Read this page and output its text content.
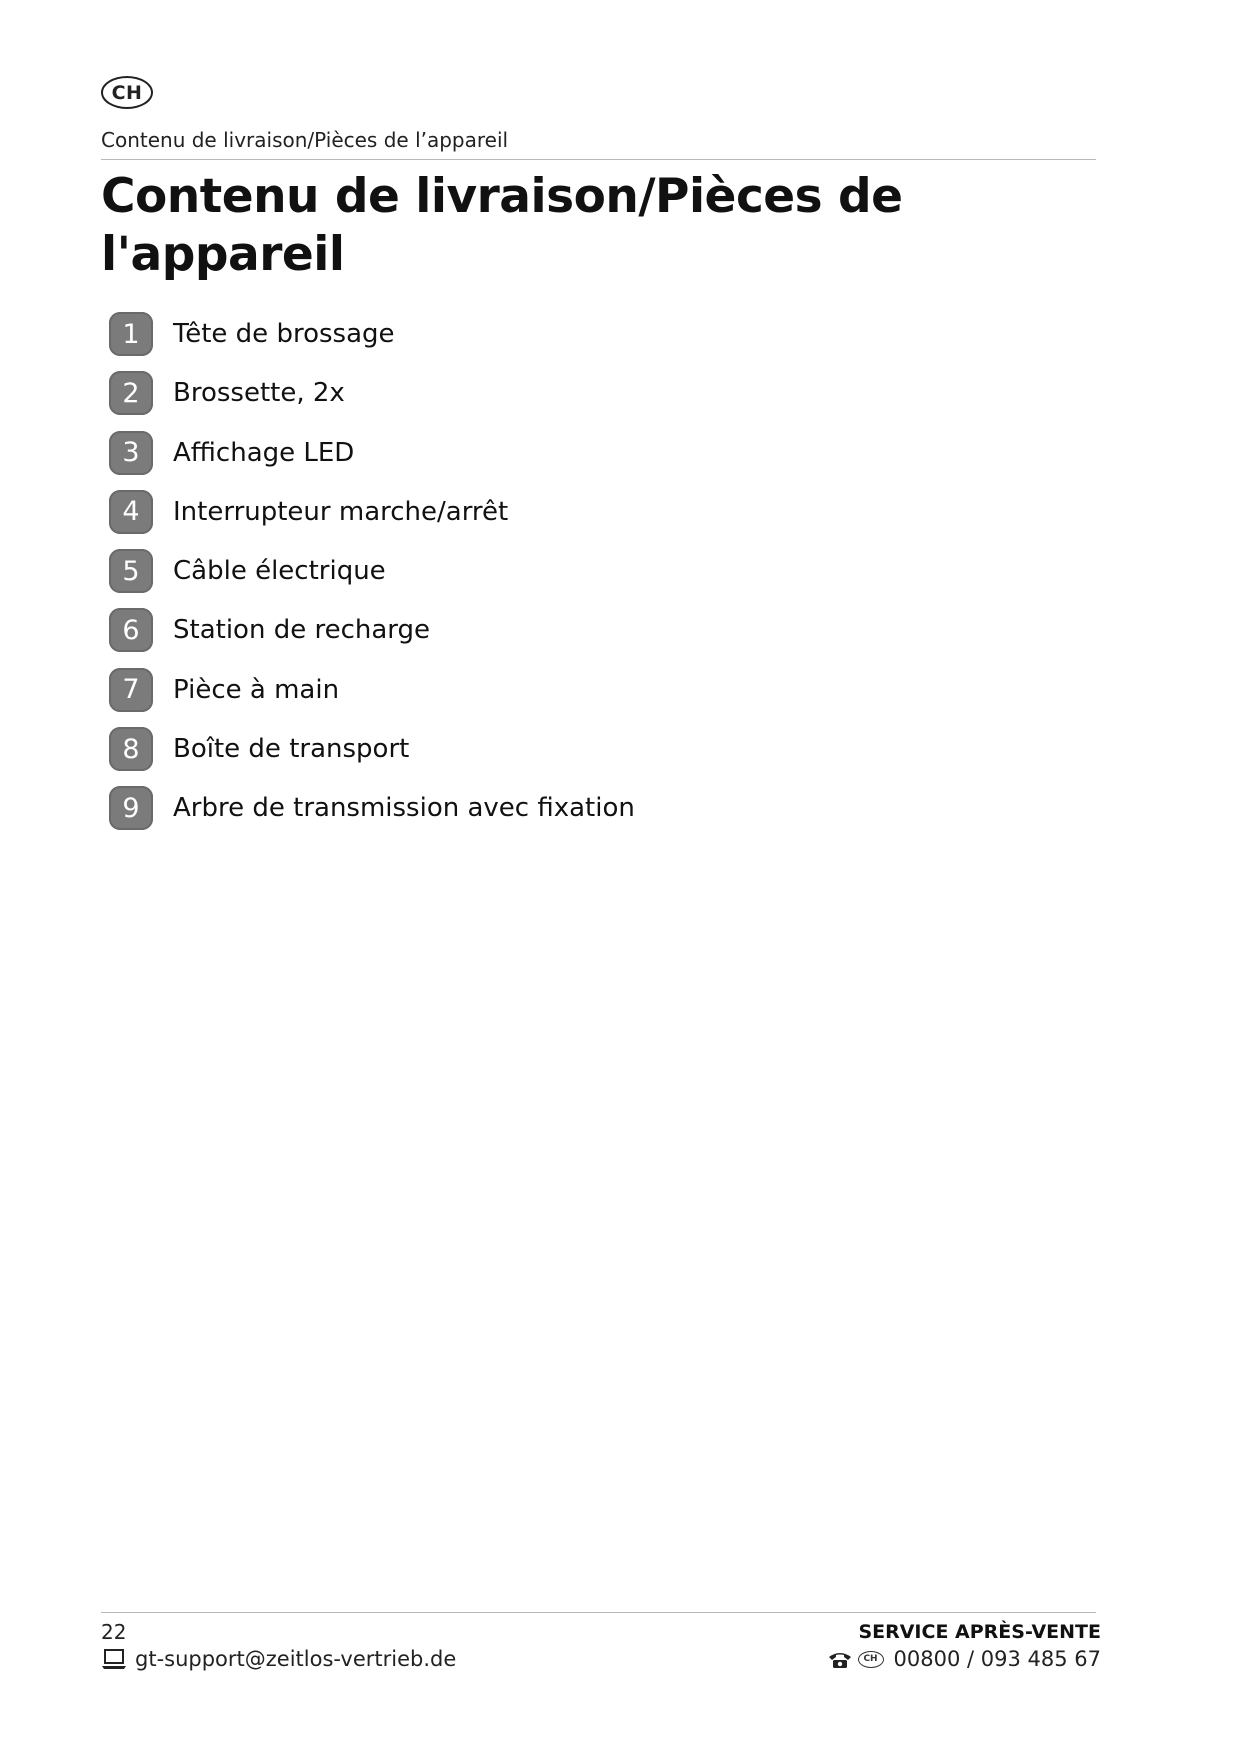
CH
Contenu de livraison/Pièces de l’appareil
Contenu de livraison/Pièces de l'appareil
1	Tête de brossage
2	Brossette, 2x
3	Affichage LED
4	Interrupteur marche/arrêt
5	Câble électrique
6	Station de recharge
7	Pièce à main
8	Boîte de transport
9	Arbre de transmission avec fixation
22
gt-support@zeitlos-vertrieb.de
SERVICE APRÈS-VENTE
CH 00800 / 093 485 67
